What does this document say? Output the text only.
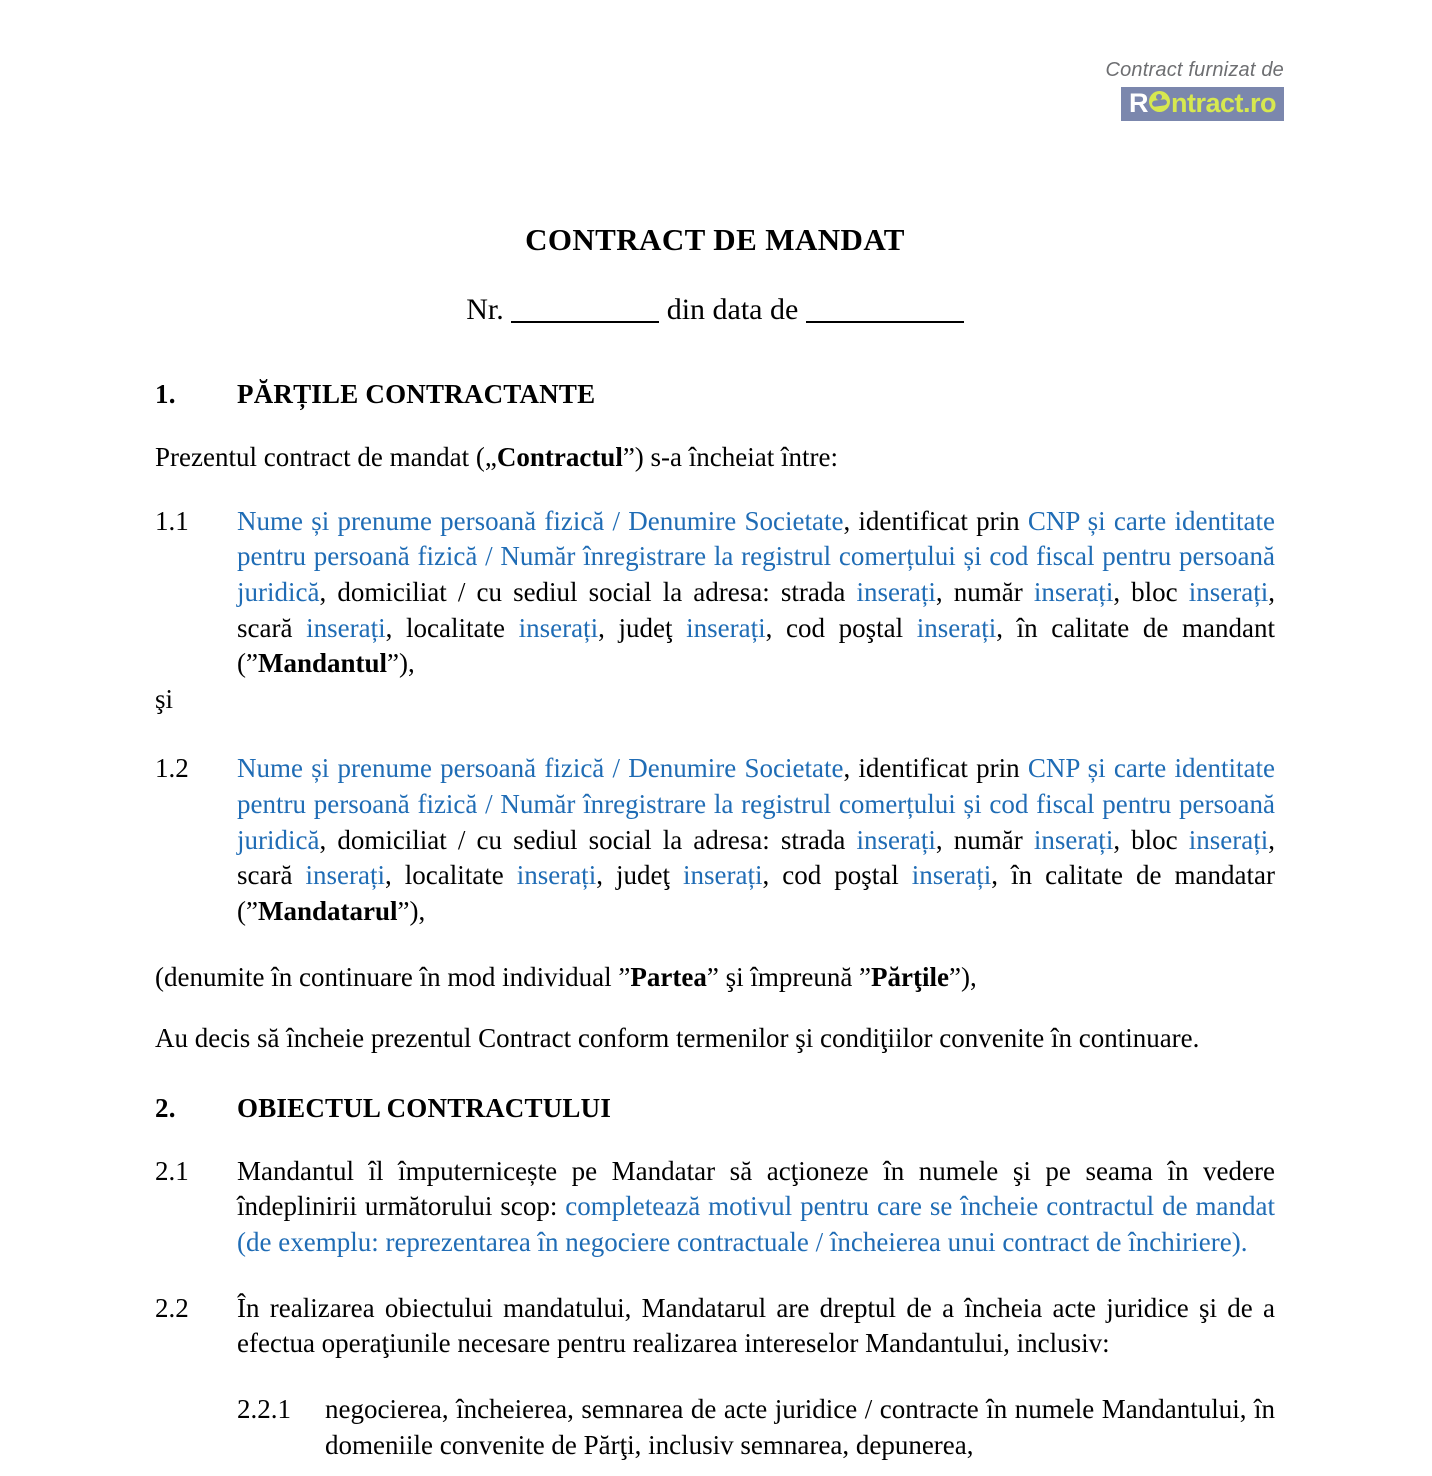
Contract furnizat de
R ntract.ro
CONTRACT DE MANDAT

Nr.	din data de

1.	PĂRȚILE CONTRACTANTE

Prezentul contract de mandat („Contractul”) s-a încheiat între:

1.1	Nume și prenume persoană fizică / Denumire Societate, identificat prin CNP și carte identitate pentru persoană fizică / Număr înregistrare la registrul comerțului și cod fiscal pentru persoană juridică, domiciliat / cu sediul social la adresa: strada inserați, număr inserați, bloc inserați, scară inserați, localitate inserați, judeţ inserați, cod poştal inserați, în calitate de mandant (”Mandantul”),

şi

1.2	Nume și prenume persoană fizică / Denumire Societate, identificat prin CNP și carte identitate pentru persoană fizică / Număr înregistrare la registrul comerțului și cod fiscal pentru persoană juridică, domiciliat / cu sediul social la adresa: strada inserați, număr inserați, bloc inserați, scară inserați, localitate inserați, judeţ inserați, cod poştal inserați, în calitate de mandatar (”Mandatarul”),

(denumite în continuare în mod individual ”Partea” şi împreună ”Părţile”),

Au decis să încheie prezentul Contract conform termenilor şi condiţiilor convenite în continuare.

2.	OBIECTUL CONTRACTULUI
2.1	Mandantul îl împuternicește pe Mandatar să acţioneze în numele şi pe seama în vedere îndeplinirii următorului scop: completează motivul pentru care se încheie contractul de mandat (de exemplu: reprezentarea în negociere contractuale / încheierea unui contract de închiriere).
2.2	În realizarea obiectului mandatului, Mandatarul are dreptul de a încheia acte juridice şi de a efectua operaţiunile necesare pentru realizarea intereselor Mandantului, inclusiv:
2.2.1	negocierea, încheierea, semnarea de acte juridice / contracte în numele Mandantului, în domeniile convenite de Părţi, inclusiv semnarea, depunerea,
